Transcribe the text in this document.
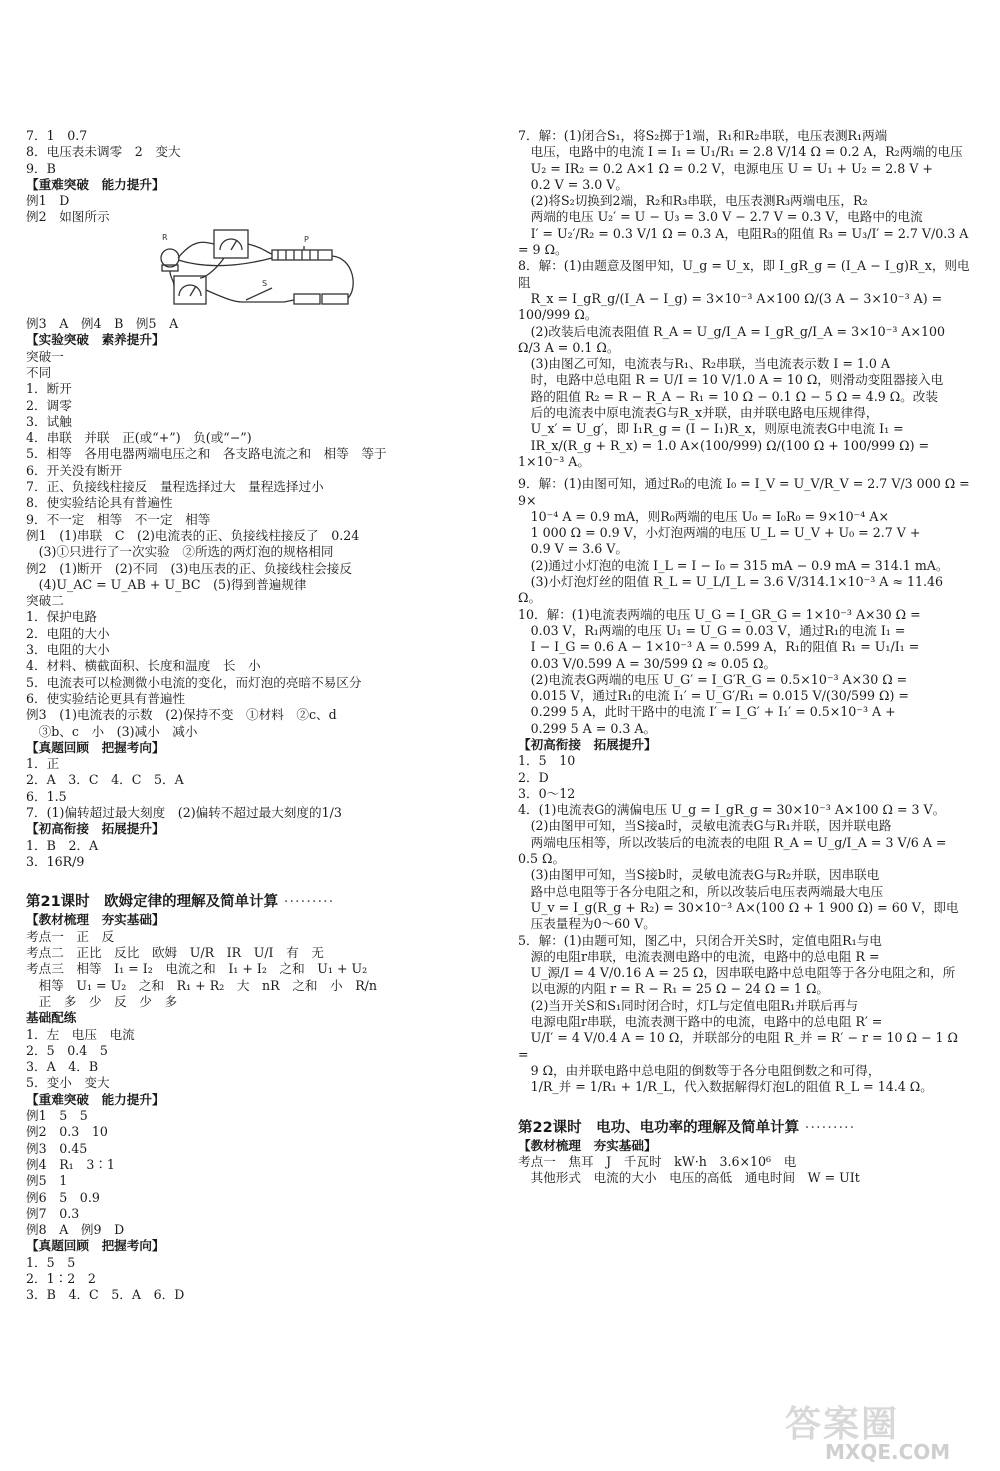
7．1　0.7
8．电压表未调零　2　变大
9．B
【重难突破　能力提升】
例1　D
例2　如图所示
R	P
S
例3　A　例4　B　例5　A
【实验突破　素养提升】
突破一
不同
1．断开
2．调零
3．试触
4．串联　并联　正(或“+”)　负(或“−”)
5．相等　各用电器两端电压之和　各支路电流之和　相等　等于
6．开关没有断开
7．正、负接线柱接反　量程选择过大　量程选择过小
8．使实验结论具有普遍性
9．不一定　相等　不一定　相等
例1　(1)串联　C　(2)电流表的正、负接线柱接反了　0.24
　(3)①只进行了一次实验　②所选的两灯泡的规格相同
例2　(1)断开　(2)不同　(3)电压表的正、负接线柱会接反
　(4)U_AC = U_AB + U_BC　(5)得到普遍规律
突破二
1．保护电路
2．电阻的大小
3．电阻的大小
4．材料、横截面积、长度和温度　长　小
5．电流表可以检测微小电流的变化，而灯泡的亮暗不易区分
6．使实验结论更具有普遍性
例3　(1)电流表的示数　(2)保持不变　①材料　②c、d
　③b、c　小　(3)减小　减小
【真题回顾　把握考向】
1．正
2．A　3．C　4．C　5．A
6．1.5
7．(1)偏转超过最大刻度　(2)偏转不超过最大刻度的1/3
【初高衔接　拓展提升】
1．B　2．A
3．16R/9
第21课时　欧姆定律的理解及简单计算 ·········
【教材梳理　夯实基础】
考点一　正　反
考点二　正比　反比　欧姆　U/R　IR　U/I　有　无
考点三　相等　I₁ = I₂　电流之和　I₁ + I₂　之和　U₁ + U₂
　相等　U₁ = U₂　之和　R₁ + R₂　大　nR　之和　小　R/n
　正　多　少　反　少　多
基础配练
1．左　电压　电流
2．5　0.4　5
3．A　4．B
5．变小　变大
【重难突破　能力提升】
例1　5　5
例2　0.3　10
例3　0.45
例4　R₁　3∶1
例5　1
例6　5　0.9
例7　0.3
例8　A　例9　D
【真题回顾　把握考向】
1．5　5
2．1∶2　2
3．B　4．C　5．A　6．D
7．解：(1)闭合S₁，将S₂掷于1端，R₁和R₂串联，电压表测R₁两端
　电压，电路中的电流 I = I₁ = U₁/R₁ = 2.8 V/14 Ω = 0.2 A，R₂两端的电压
　U₂ = IR₂ = 0.2 A×1 Ω = 0.2 V，电源电压 U = U₁ + U₂ = 2.8 V +
　0.2 V = 3.0 V。
　(2)将S₂切换到2端，R₂和R₃串联，电压表测R₃两端电压，R₂
　两端的电压 U₂′ = U − U₃ = 3.0 V − 2.7 V = 0.3 V，电路中的电流
　I′ = U₂′/R₂ = 0.3 V/1 Ω = 0.3 A，电阻R₃的阻值 R₃ = U₃/I′ = 2.7 V/0.3 A = 9 Ω。
8．解：(1)由题意及图甲知，U_g = U_x，即 I_gR_g = (I_A − I_g)R_x，则电阻
　R_x = I_gR_g/(I_A − I_g) = 3×10⁻³ A×100 Ω/(3 A − 3×10⁻³ A) = 100/999 Ω。
　(2)改装后电流表阻值 R_A = U_g/I_A = I_gR_g/I_A = 3×10⁻³ A×100 Ω/3 A = 0.1 Ω。
　(3)由图乙可知，电流表与R₁、R₂串联，当电流表示数 I = 1.0 A
　时，电路中总电阻 R = U/I = 10 V/1.0 A = 10 Ω，则滑动变阻器接入电
　路的阻值 R₂ = R − R_A − R₁ = 10 Ω − 0.1 Ω − 5 Ω = 4.9 Ω。改装
　后的电流表中原电流表G与R_x并联，由并联电路电压规律得，
　U_x′ = U_g′，即 I₁R_g = (I − I₁)R_x，则原电流表G中电流 I₁ =
　IR_x/(R_g + R_x) = 1.0 A×(100/999) Ω/(100 Ω + 100/999 Ω) = 1×10⁻³ A。
9．解：(1)由图可知，通过R₀的电流 I₀ = I_V = U_V/R_V = 2.7 V/3 000 Ω = 9×
　10⁻⁴ A = 0.9 mA，则R₀两端的电压 U₀ = I₀R₀ = 9×10⁻⁴ A×
　1 000 Ω = 0.9 V，小灯泡两端的电压 U_L = U_V + U₀ = 2.7 V +
　0.9 V = 3.6 V。
　(2)通过小灯泡的电流 I_L = I − I₀ = 315 mA − 0.9 mA = 314.1 mA。
　(3)小灯泡灯丝的阻值 R_L = U_L/I_L = 3.6 V/314.1×10⁻³ A ≈ 11.46 Ω。
10．解：(1)电流表两端的电压 U_G = I_GR_G = 1×10⁻³ A×30 Ω =
　0.03 V，R₁两端的电压 U₁ = U_G = 0.03 V，通过R₁的电流 I₁ =
　I − I_G = 0.6 A − 1×10⁻³ A = 0.599 A，R₁的阻值 R₁ = U₁/I₁ =
　0.03 V/0.599 A = 30/599 Ω ≈ 0.05 Ω。
　(2)电流表G两端的电压 U_G′ = I_G′R_G = 0.5×10⁻³ A×30 Ω =
　0.015 V，通过R₁的电流 I₁′ = U_G′/R₁ = 0.015 V/(30/599 Ω) =
　0.299 5 A，此时干路中的电流 I′ = I_G′ + I₁′ = 0.5×10⁻³ A +
　0.299 5 A = 0.3 A。
【初高衔接　拓展提升】
1．5　10
2．D
3．0～12
4．(1)电流表G的满偏电压 U_g = I_gR_g = 30×10⁻³ A×100 Ω = 3 V。
　(2)由图甲可知，当S接a时，灵敏电流表G与R₁并联，因并联电路
　两端电压相等，所以改装后的电流表的电阻 R_A = U_g/I_A = 3 V/6 A = 0.5 Ω。
　(3)由图甲可知，当S接b时，灵敏电流表G与R₂并联，因串联电
　路中总电阻等于各分电阻之和，所以改装后电压表两端最大电压
　U_v = I_g(R_g + R₂) = 30×10⁻³ A×(100 Ω + 1 900 Ω) = 60 V，即电
　压表量程为0～60 V。
5．解：(1)由题可知，图乙中，只闭合开关S时，定值电阻R₁与电
　源的电阻r串联，电流表测电路中的电流，电路中的总电阻 R =
　U_源/I = 4 V/0.16 A = 25 Ω，因串联电路中总电阻等于各分电阻之和，所
　以电源的内阻 r = R − R₁ = 25 Ω − 24 Ω = 1 Ω。
　(2)当开关S和S₁同时闭合时，灯L与定值电阻R₁并联后再与
　电源电阻r串联，电流表测干路中的电流，电路中的总电阻 R′ =
　U/I′ = 4 V/0.4 A = 10 Ω，并联部分的电阻 R_并 = R′ − r = 10 Ω − 1 Ω =
　9 Ω，由并联电路中总电阻的倒数等于各分电阻倒数之和可得，
　1/R_并 = 1/R₁ + 1/R_L，代入数据解得灯泡L的阻值 R_L = 14.4 Ω。
第22课时　电功、电功率的理解及简单计算 ·········
【教材梳理　夯实基础】
考点一　焦耳　J　千瓦时　kW·h　3.6×10⁶　电
　其他形式　电流的大小　电压的高低　通电时间　W = UIt
答案圈
MXQE.COM
